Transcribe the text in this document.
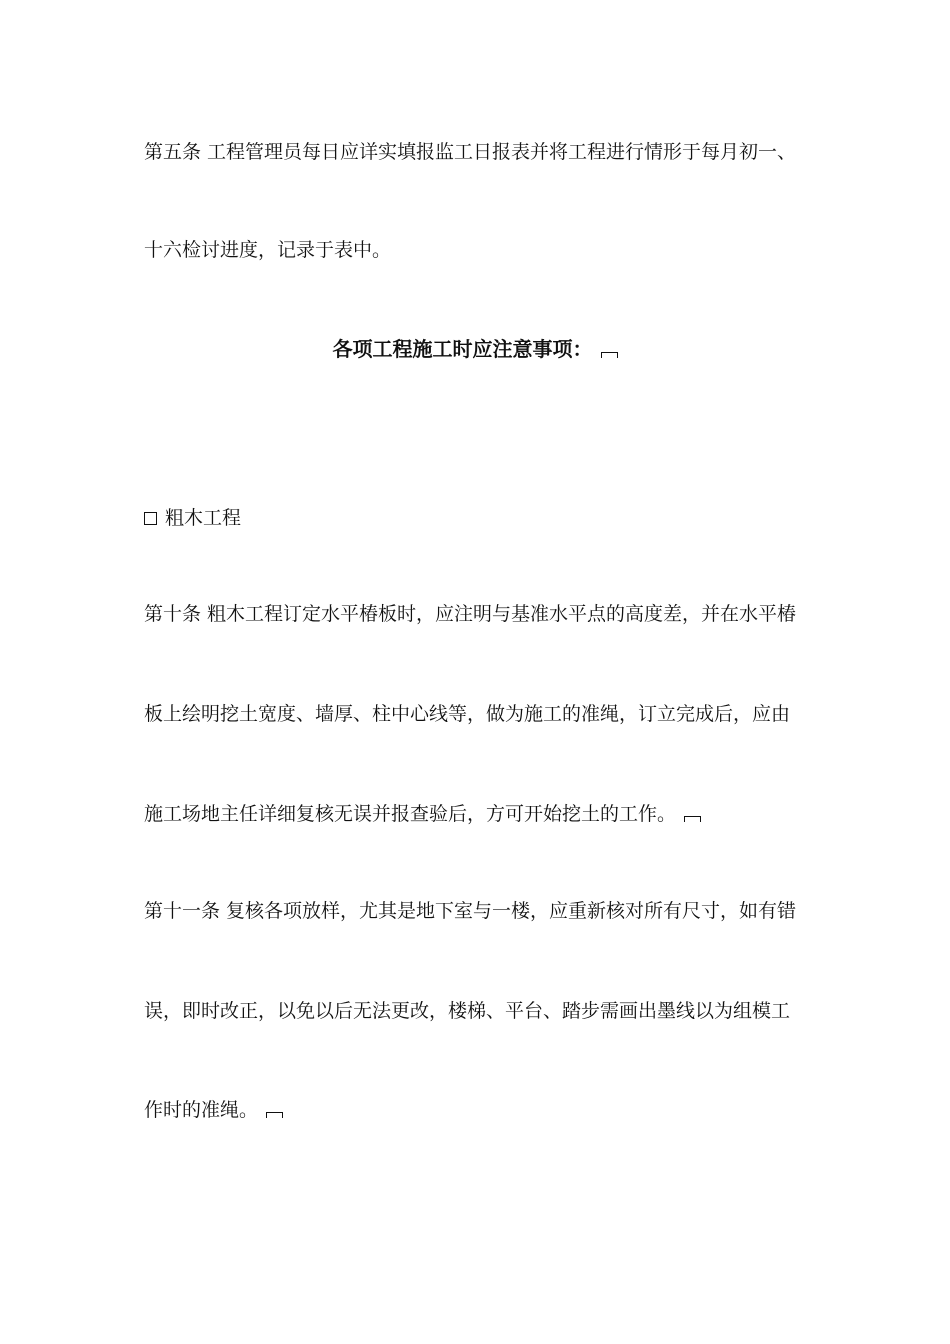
第五条 工程管理员每日应详实填报监工日报表并将工程进行情形于每月初一、
十六检讨进度，记录于表中。
各项工程施工时应注意事项：
粗木工程
第十条 粗木工程订定水平椿板时，应注明与基准水平点的高度差，并在水平椿
板上绘明挖土宽度、墙厚、柱中心线等，做为施工的准绳，订立完成后，应由
施工场地主任详细复核无误并报查验后，方可开始挖土的工作。
第十一条 复核各项放样，尤其是地下室与一楼，应重新核对所有尺寸，如有错
误，即时改正，以免以后无法更改，楼梯、平台、踏步需画出墨线以为组模工
作时的准绳。
